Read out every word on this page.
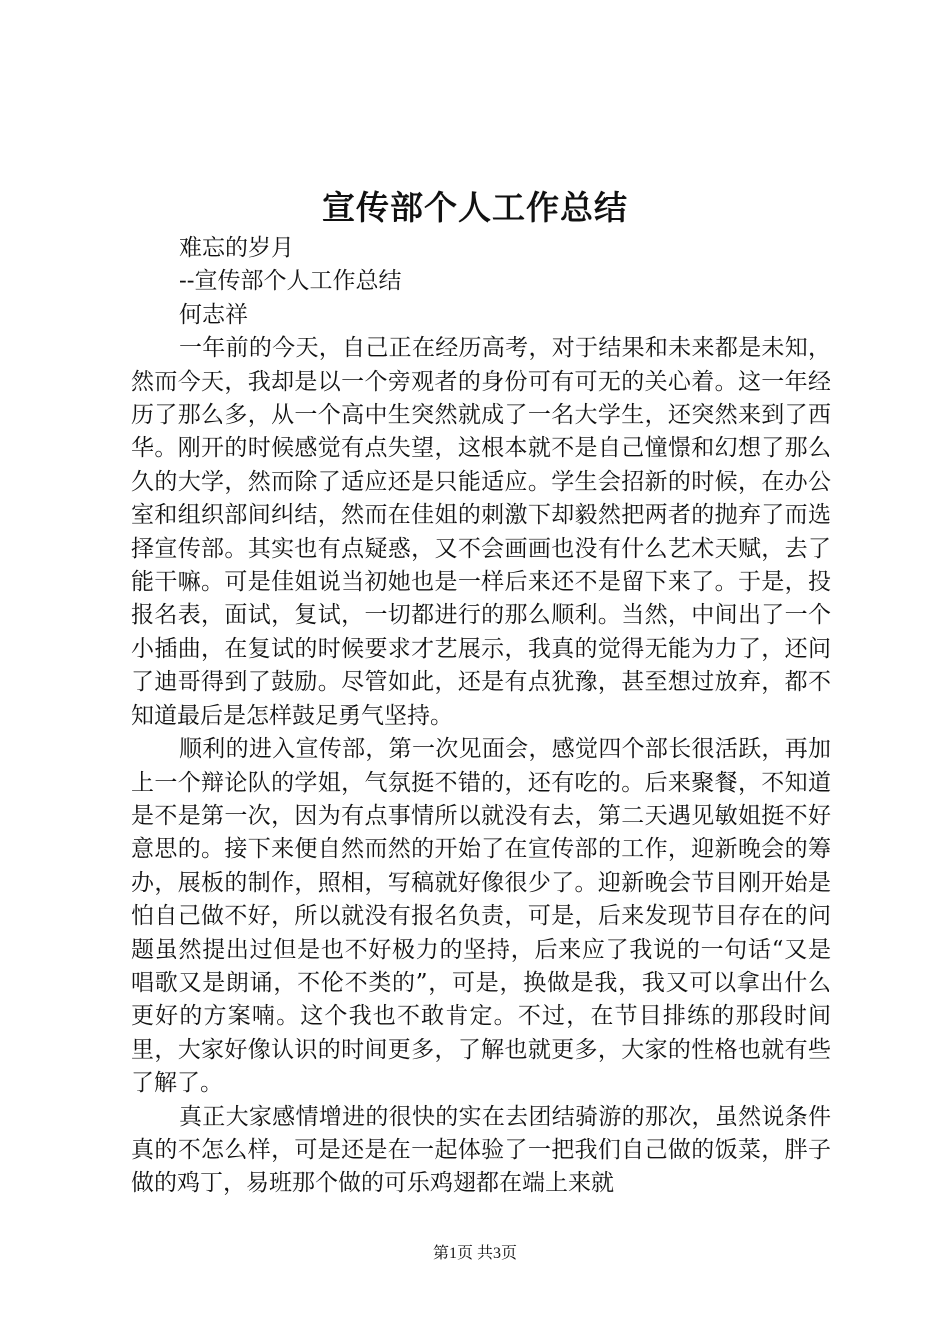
宣传部个人工作总结

难忘的岁月

--宣传部个人工作总结

何志祥

一年前的今天，自己正在经历高考，对于结果和未来都是未知，然而今天，我却是以一个旁观者的身份可有可无的关心着。这一年经历了那么多，从一个高中生突然就成了一名大学生，还突然来到了西华。刚开的时候感觉有点失望，这根本就不是自己憧憬和幻想了那么久的大学，然而除了适应还是只能适应。学生会招新的时候，在办公室和组织部间纠结，然而在佳姐的刺激下却毅然把两者的抛弃了而选择宣传部。其实也有点疑惑，又不会画画也没有什么艺术天赋，去了能干嘛。可是佳姐说当初她也是一样后来还不是留下来了。于是，投报名表，面试，复试，一切都进行的那么顺利。当然，中间出了一个小插曲，在复试的时候要求才艺展示，我真的觉得无能为力了，还问了迪哥得到了鼓励。尽管如此，还是有点犹豫，甚至想过放弃，都不知道最后是怎样鼓足勇气坚持。

顺利的进入宣传部，第一次见面会，感觉四个部长很活跃，再加上一个辩论队的学姐，气氛挺不错的，还有吃的。后来聚餐，不知道是不是第一次，因为有点事情所以就没有去，第二天遇见敏姐挺不好意思的。接下来便自然而然的开始了在宣传部的工作，迎新晚会的筹办，展板的制作，照相，写稿就好像很少了。迎新晚会节目刚开始是怕自己做不好，所以就没有报名负责，可是，后来发现节目存在的问题虽然提出过但是也不好极力的坚持，后来应了我说的一句话“又是唱歌又是朗诵，不伦不类的”，可是，换做是我，我又可以拿出什么更好的方案喃。这个我也不敢肯定。不过，在节目排练的那段时间里，大家好像认识的时间更多，了解也就更多，大家的性格也就有些了解了。

真正大家感情增进的很快的实在去团结骑游的那次，虽然说条件真的不怎么样，可是还是在一起体验了一把我们自己做的饭菜，胖子做的鸡丁，易班那个做的可乐鸡翅都在端上来就

第1页 共3页
